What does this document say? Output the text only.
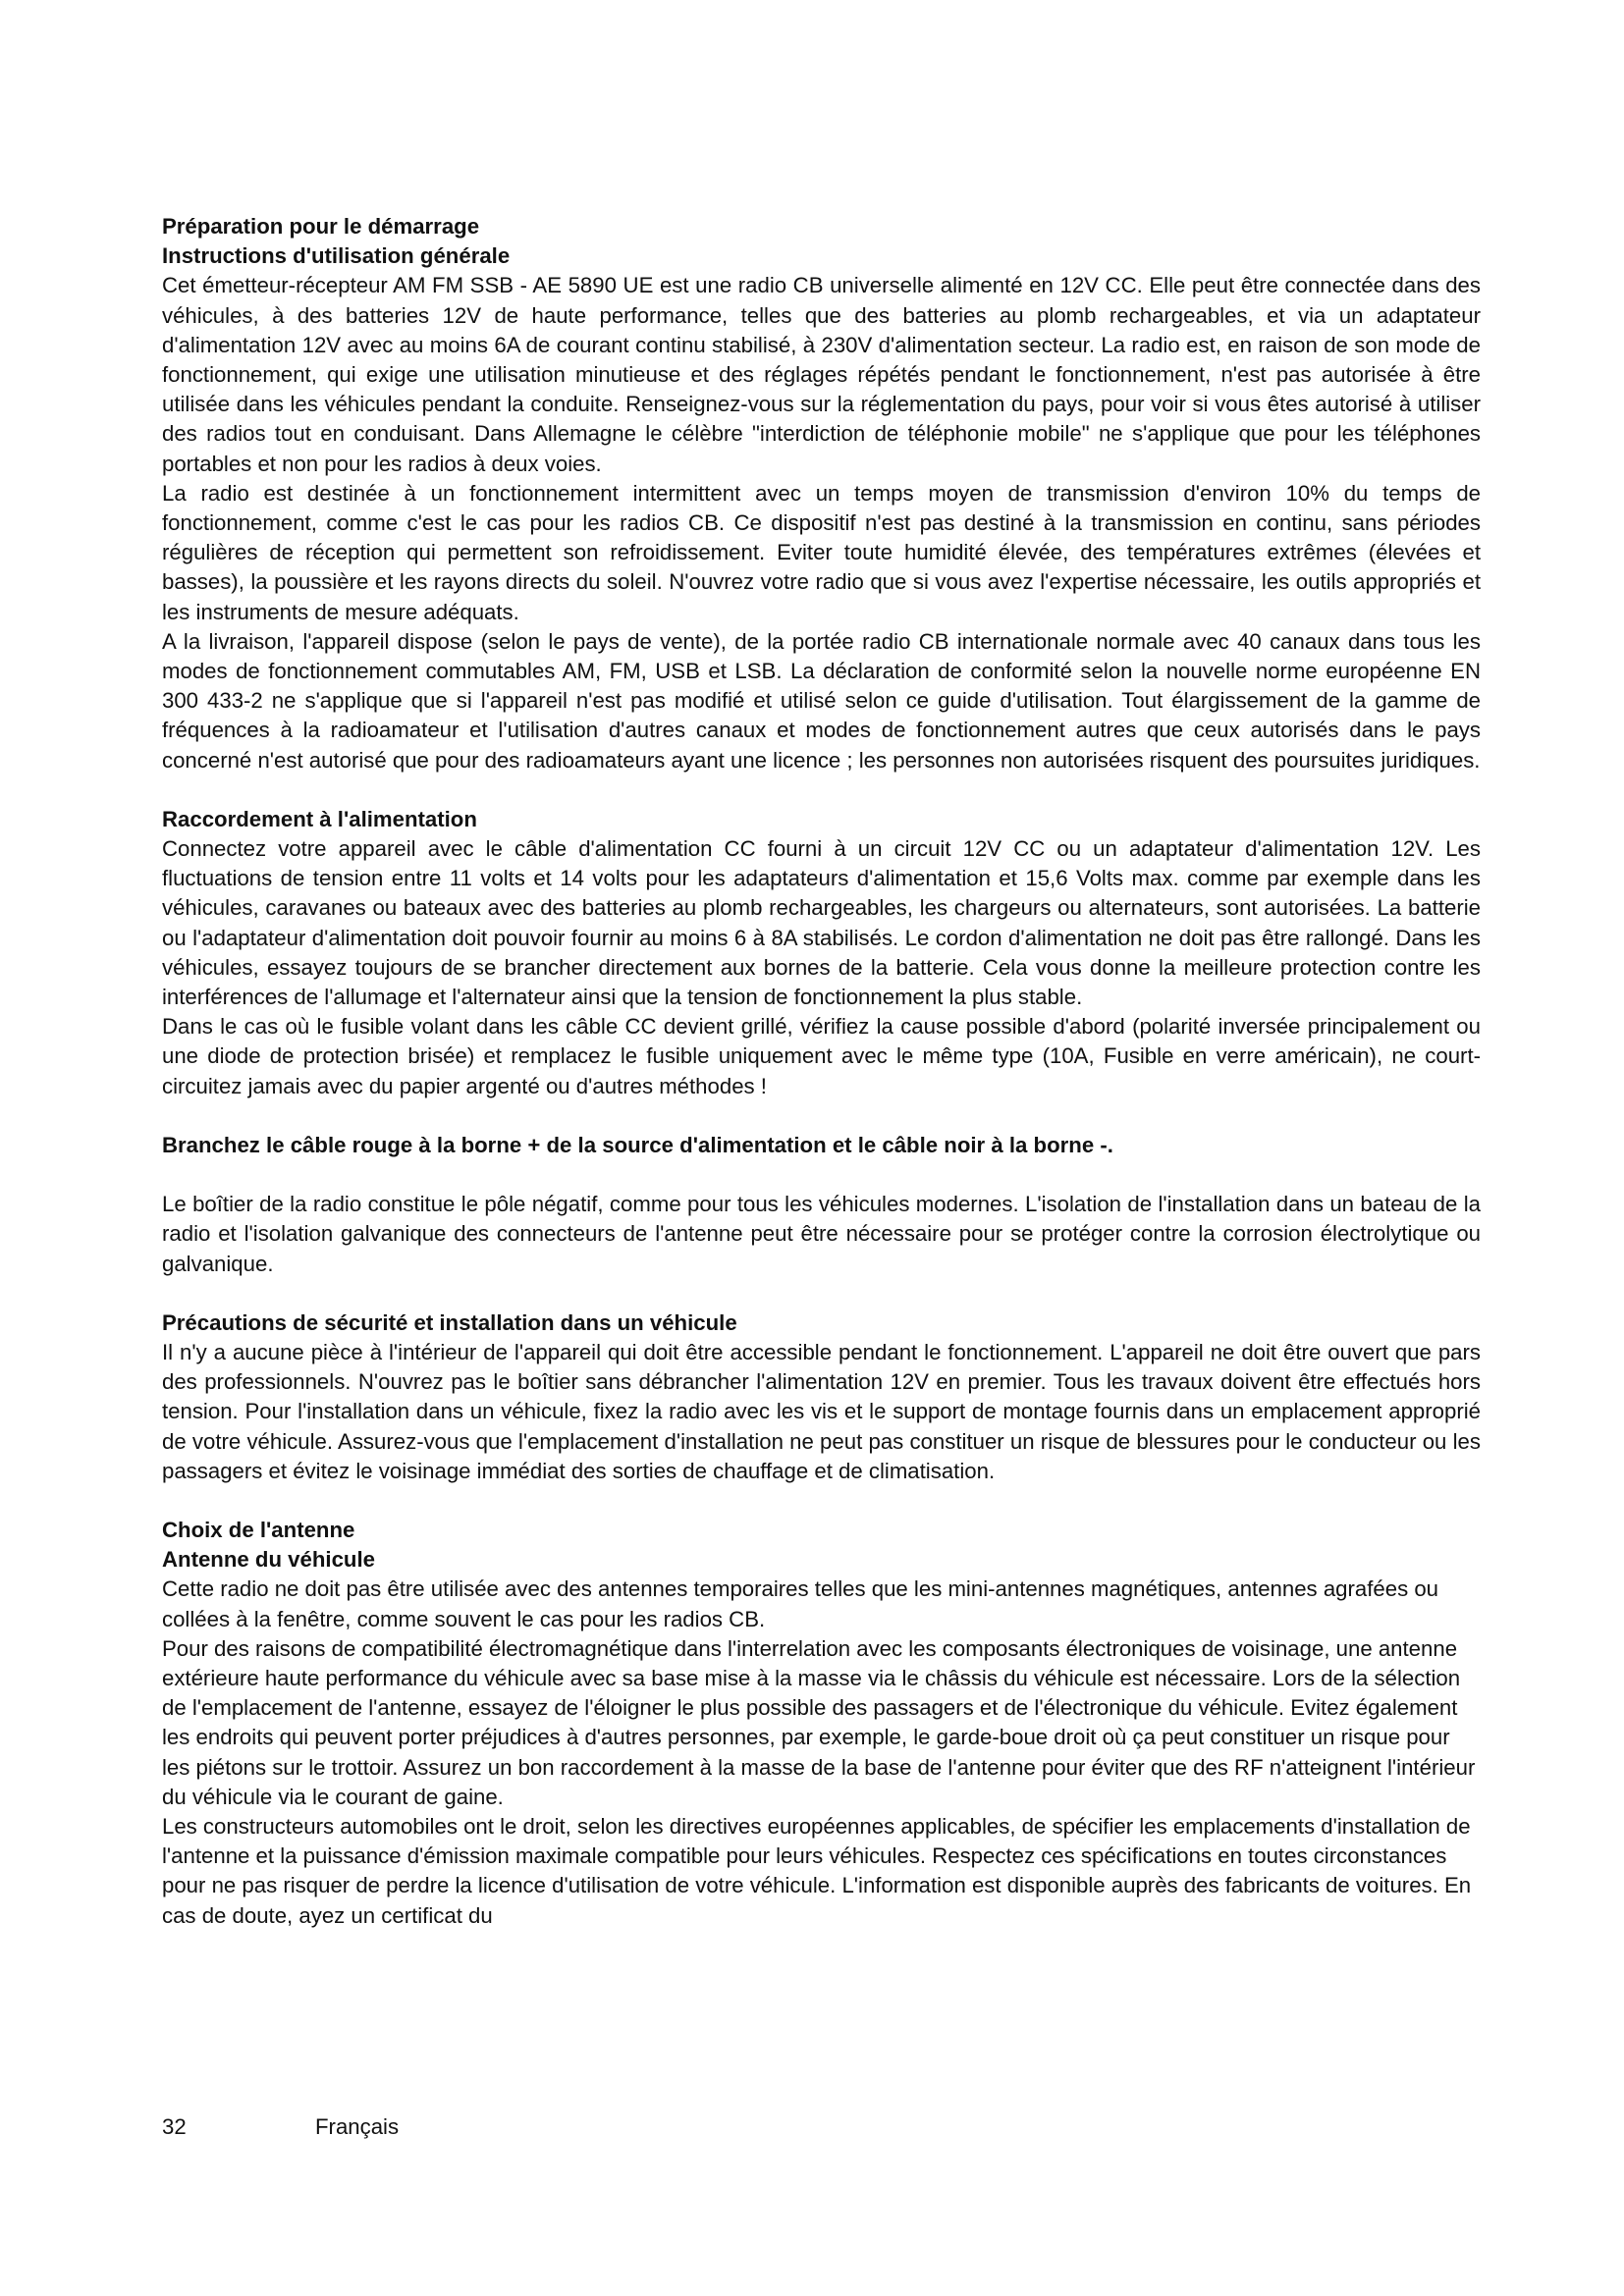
Préparation pour le démarrage
Instructions d'utilisation générale

Cet émetteur-récepteur AM FM SSB - AE 5890 UE est une radio CB universelle alimenté en 12V CC. Elle peut être connectée dans des véhicules, à des batteries 12V de haute performance, telles que des batteries au plomb rechargeables, et via un adaptateur d'alimentation 12V avec au moins 6A de courant continu stabilisé, à 230V d'alimentation secteur. La radio est, en raison de son mode de fonctionnement, qui exige une utilisation minutieuse et des réglages répétés pendant le fonctionnement, n'est pas autorisée à être utilisée dans les véhicules pendant la conduite. Renseignez-vous sur la réglementation du pays, pour voir si vous êtes autorisé à utiliser des radios tout en conduisant. Dans Allemagne le célèbre "interdiction de téléphonie mobile" ne s'applique que pour les téléphones portables et non pour les radios à deux voies.

La radio est destinée à un fonctionnement intermittent avec un temps moyen de transmission d'environ 10% du temps de fonctionnement, comme c'est le cas pour les radios CB. Ce dispositif n'est pas destiné à la transmission en continu, sans périodes régulières de réception qui permettent son refroidissement. Eviter toute humidité élevée, des températures extrêmes (élevées et basses), la poussière et les rayons directs du soleil. N'ouvrez votre radio que si vous avez l'expertise nécessaire, les outils appropriés et les instruments de mesure adéquats.

A la livraison, l'appareil dispose (selon le pays de vente), de la portée radio CB internationale normale avec 40 canaux dans tous les modes de fonctionnement commutables AM, FM, USB et LSB. La déclaration de conformité selon la nouvelle norme européenne EN 300 433-2 ne s'applique que si l'appareil n'est pas modifié et utilisé selon ce guide d'utilisation. Tout élargissement de la gamme de fréquences à la radioamateur et l'utilisation d'autres canaux et modes de fonctionnement autres que ceux autorisés dans le pays concerné n'est autorisé que pour des radioamateurs ayant une licence ; les personnes non autorisées risquent des poursuites juridiques.

Raccordement à l'alimentation

Connectez votre appareil avec le câble d'alimentation CC fourni à un circuit 12V CC ou un adaptateur d'alimentation 12V. Les fluctuations de tension entre 11 volts et 14 volts pour les adaptateurs d'alimentation et 15,6 Volts max. comme par exemple dans les véhicules, caravanes ou bateaux avec des batteries au plomb rechargeables, les chargeurs ou alternateurs, sont autorisées. La batterie ou l'adaptateur d'alimentation doit pouvoir fournir au moins 6 à 8A stabilisés. Le cordon d'alimentation ne doit pas être rallongé. Dans les véhicules, essayez toujours de se brancher directement aux bornes de la batterie. Cela vous donne la meilleure protection contre les interférences de l'allumage et l'alternateur ainsi que la tension de fonctionnement la plus stable.

Dans le cas où le fusible volant dans les câble CC devient grillé, vérifiez la cause possible d'abord (polarité inversée principalement ou une diode de protection brisée) et remplacez le fusible uniquement avec le même type (10A, Fusible en verre américain), ne court-circuitez jamais avec du papier argenté ou d'autres méthodes !

Branchez le câble rouge à la borne + de la source d'alimentation et le câble noir à la borne -.

Le boîtier de la radio constitue le pôle négatif, comme pour tous les véhicules modernes. L'isolation de l'installation dans un bateau de la radio et l'isolation galvanique des connecteurs de l'antenne peut être nécessaire pour se protéger contre la corrosion électrolytique ou galvanique.

Précautions de sécurité et installation dans un véhicule

Il n'y a aucune pièce à l'intérieur de l'appareil qui doit être accessible pendant le fonctionnement. L'appareil ne doit être ouvert que pars des professionnels. N'ouvrez pas le boîtier sans débrancher l'alimentation 12V en premier. Tous les travaux doivent être effectués hors tension. Pour l'installation dans un véhicule, fixez la radio avec les vis et le support de montage fournis dans un emplacement approprié de votre véhicule. Assurez-vous que l'emplacement d'installation ne peut pas constituer un risque de blessures pour le conducteur ou les passagers et évitez le voisinage immédiat des sorties de chauffage et de climatisation.

Choix de l'antenne
Antenne du véhicule

Cette radio ne doit pas être utilisée avec des antennes temporaires telles que les mini-antennes magnétiques, antennes agrafées ou collées à la fenêtre, comme souvent le cas pour les radios CB.

Pour des raisons de compatibilité électromagnétique dans l'interrelation avec les composants électroniques de voisinage, une antenne extérieure haute performance du véhicule avec sa base mise à la masse via le châssis du véhicule est nécessaire. Lors de la sélection de l'emplacement de l'antenne, essayez de l'éloigner le plus possible des passagers et de l'électronique du véhicule. Evitez également les endroits qui peuvent porter préjudices à d'autres personnes, par exemple, le garde-boue droit où ça peut constituer un risque pour les piétons sur le trottoir. Assurez un bon raccordement à la masse de la base de l'antenne pour éviter que des RF n'atteignent l'intérieur du véhicule via le courant de gaine.

Les constructeurs automobiles ont le droit, selon les directives européennes applicables, de spécifier les emplacements d'installation de l'antenne et la puissance d'émission maximale compatible pour leurs véhicules. Respectez ces spécifications en toutes circonstances pour ne pas risquer de perdre la licence d'utilisation de votre véhicule. L'information est disponible auprès des fabricants de voitures. En cas de doute, ayez un certificat du

32	Français
